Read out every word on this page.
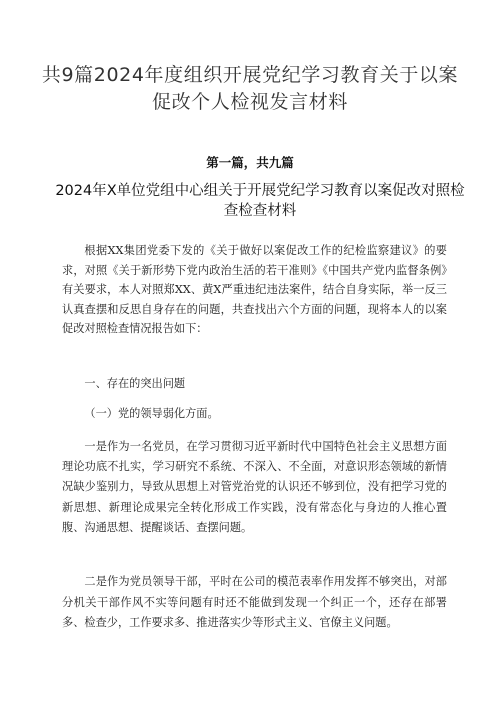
共9篇2024年度组织开展党纪学习教育关于以案促改个人检视发言材料
第一篇，共九篇
2024年X单位党组中心组关于开展党纪学习教育以案促改对照检查检查材料

根据XX集团党委下发的《关于做好以案促改工作的纪检监察建议》的要求，对照《关于新形势下党内政治生活的若干准则》《中国共产党内监督条例》有关要求，本人对照郑XX、黄X严重违纪违法案件，结合自身实际，举一反三认真查摆和反思自身存在的问题，共查找出六个方面的问题，现将本人的以案促改对照检查情况报告如下：

一、存在的突出问题

（一）党的领导弱化方面。

一是作为一名党员，在学习贯彻习近平新时代中国特色社会主义思想方面理论功底不扎实，学习研究不系统、不深入、不全面，对意识形态领域的新情况缺少鉴别力，导致从思想上对管党治党的认识还不够到位，没有把学习党的新思想、新理论成果完全转化形成工作实践，没有常态化与身边的人推心置腹、沟通思想、提醒谈话、查摆问题。

二是作为党员领导干部，平时在公司的模范表率作用发挥不够突出，对部分机关干部作风不实等问题有时还不能做到发现一个纠正一个，还存在部署多、检查少，工作要求多、推进落实少等形式主义、官僚主义问题。
